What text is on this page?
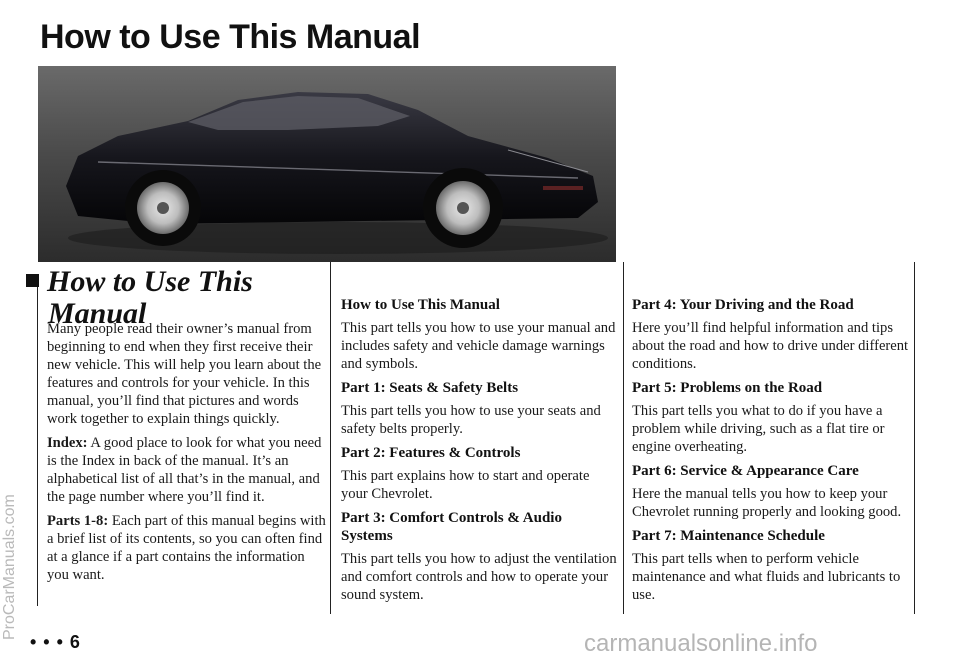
How to Use This Manual
How to Use This
Manual

Many people read their owner’s manual from beginning to end when they first receive their new vehicle. This will help you learn about the features and controls for your vehicle. In this manual, you’ll find that pictures and words work together to explain things quickly.

Index: A good place to look for what you need is the Index in back of the manual. It’s an alphabetical list of all that’s in the manual, and the page number where you’ll find it.

Parts 1-8: Each part of this manual begins with a brief list of its contents, so you can often find at a glance if a part contains the information you want.

How to Use This Manual

This part tells you how to use your manual and includes safety and vehicle damage warnings and symbols.

Part 1: Seats & Safety Belts

This part tells you how to use your seats and safety belts properly.

Part 2: Features & Controls

This part explains how to start and operate your Chevrolet.

Part 3: Comfort Controls & Audio Systems

This part tells you how to adjust the ventilation and comfort controls and how to operate your sound system.

Part 4: Your Driving and the Road

Here you’ll find helpful information and tips about the road and how to drive under different conditions.

Part 5: Problems on the Road

This part tells you what to do if you have a problem while driving, such as a flat tire or engine overheating.

Part 6: Service & Appearance Care

Here the manual tells you how to keep your Chevrolet running properly and looking good.

Part 7: Maintenance Schedule

This part tells when to perform vehicle maintenance and what fluids and lubricants to use.

• • • 6
ProCarManuals.com
carmanualsonline.info
